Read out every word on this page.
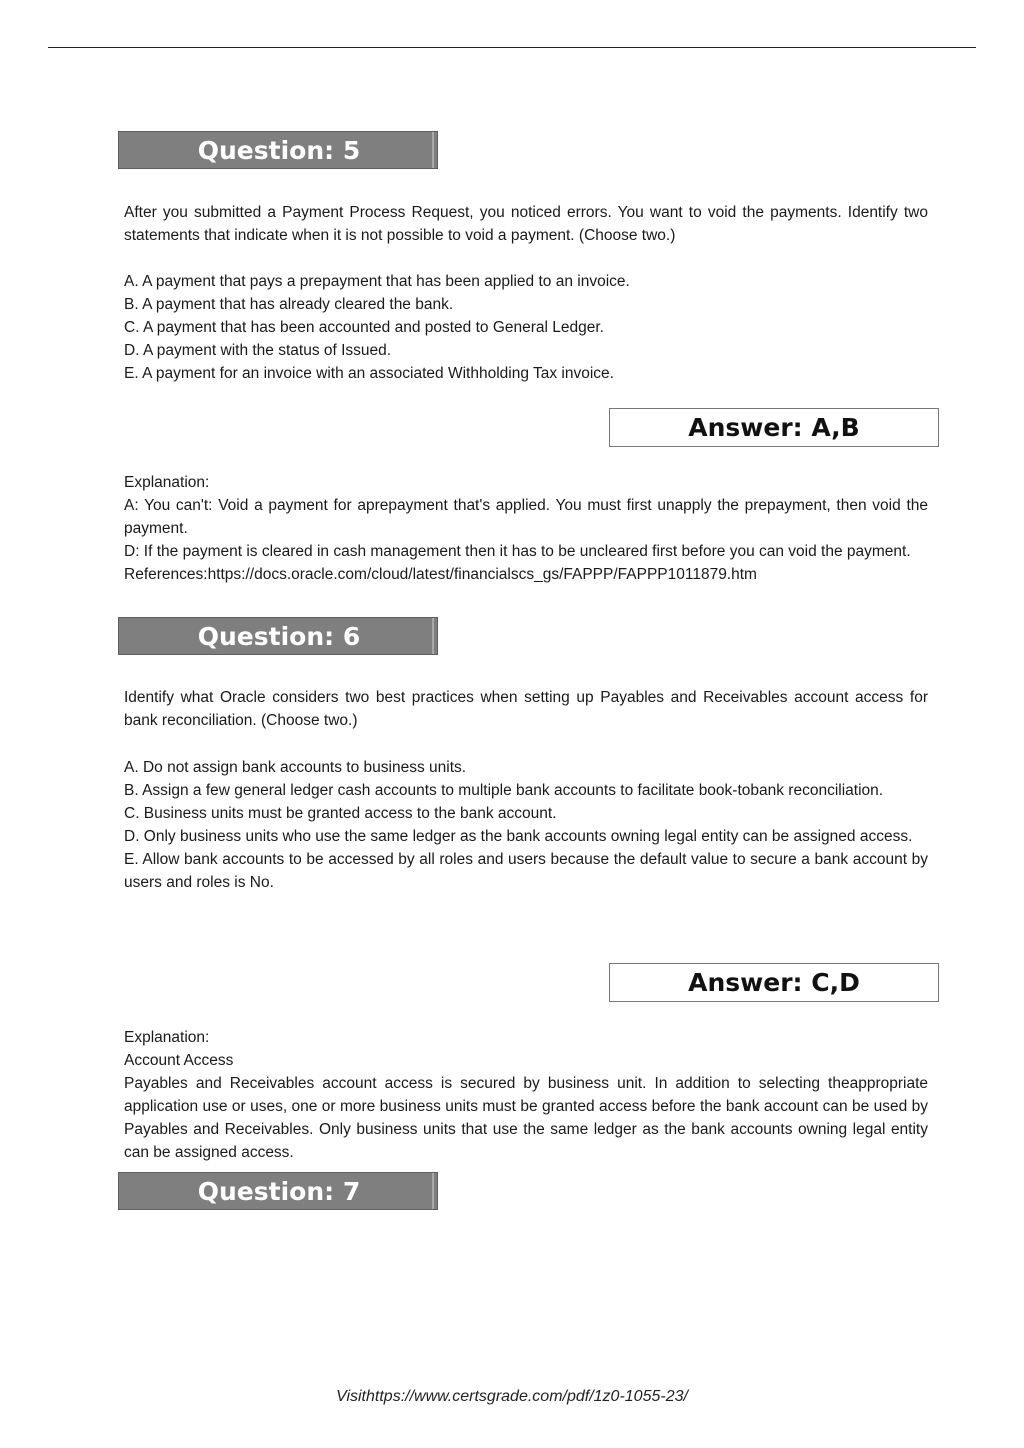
Question: 5

After you submitted a Payment Process Request, you noticed errors. You want to void the payments. Identify two statements that indicate when it is not possible to void a payment. (Choose two.)

A. A payment that pays a prepayment that has been applied to an invoice.
B. A payment that has already cleared the bank.
C. A payment that has been accounted and posted to General Ledger.
D. A payment with the status of Issued.
E. A payment for an invoice with an associated Withholding Tax invoice.
Answer: A,B
Explanation:
A: You can't: Void a payment for aprepayment that's applied. You must first unapply the prepayment, then void the payment.
D: If the payment is cleared in cash management then it has to be uncleared first before you can void the payment.
References:https://docs.oracle.com/cloud/latest/financialscs_gs/FAPPP/FAPPP1011879.htm
Question: 6

Identify what Oracle considers two best practices when setting up Payables and Receivables account access for bank reconciliation. (Choose two.)

A. Do not assign bank accounts to business units.
B. Assign a few general ledger cash accounts to multiple bank accounts to facilitate book-tobank reconciliation.
C. Business units must be granted access to the bank account.
D. Only business units who use the same ledger as the bank accounts owning legal entity can be assigned access.
E. Allow bank accounts to be accessed by all roles and users because the default value to secure a bank account by users and roles is No.
Answer: C,D
Explanation:
Account Access
Payables and Receivables account access is secured by business unit. In addition to selecting theappropriate application use or uses, one or more business units must be granted access before the bank account can be used by Payables and Receivables. Only business units that use the same ledger as the bank accounts owning legal entity can be assigned access.
Question: 7
Visithttps://www.certsgrade.com/pdf/1z0-1055-23/
